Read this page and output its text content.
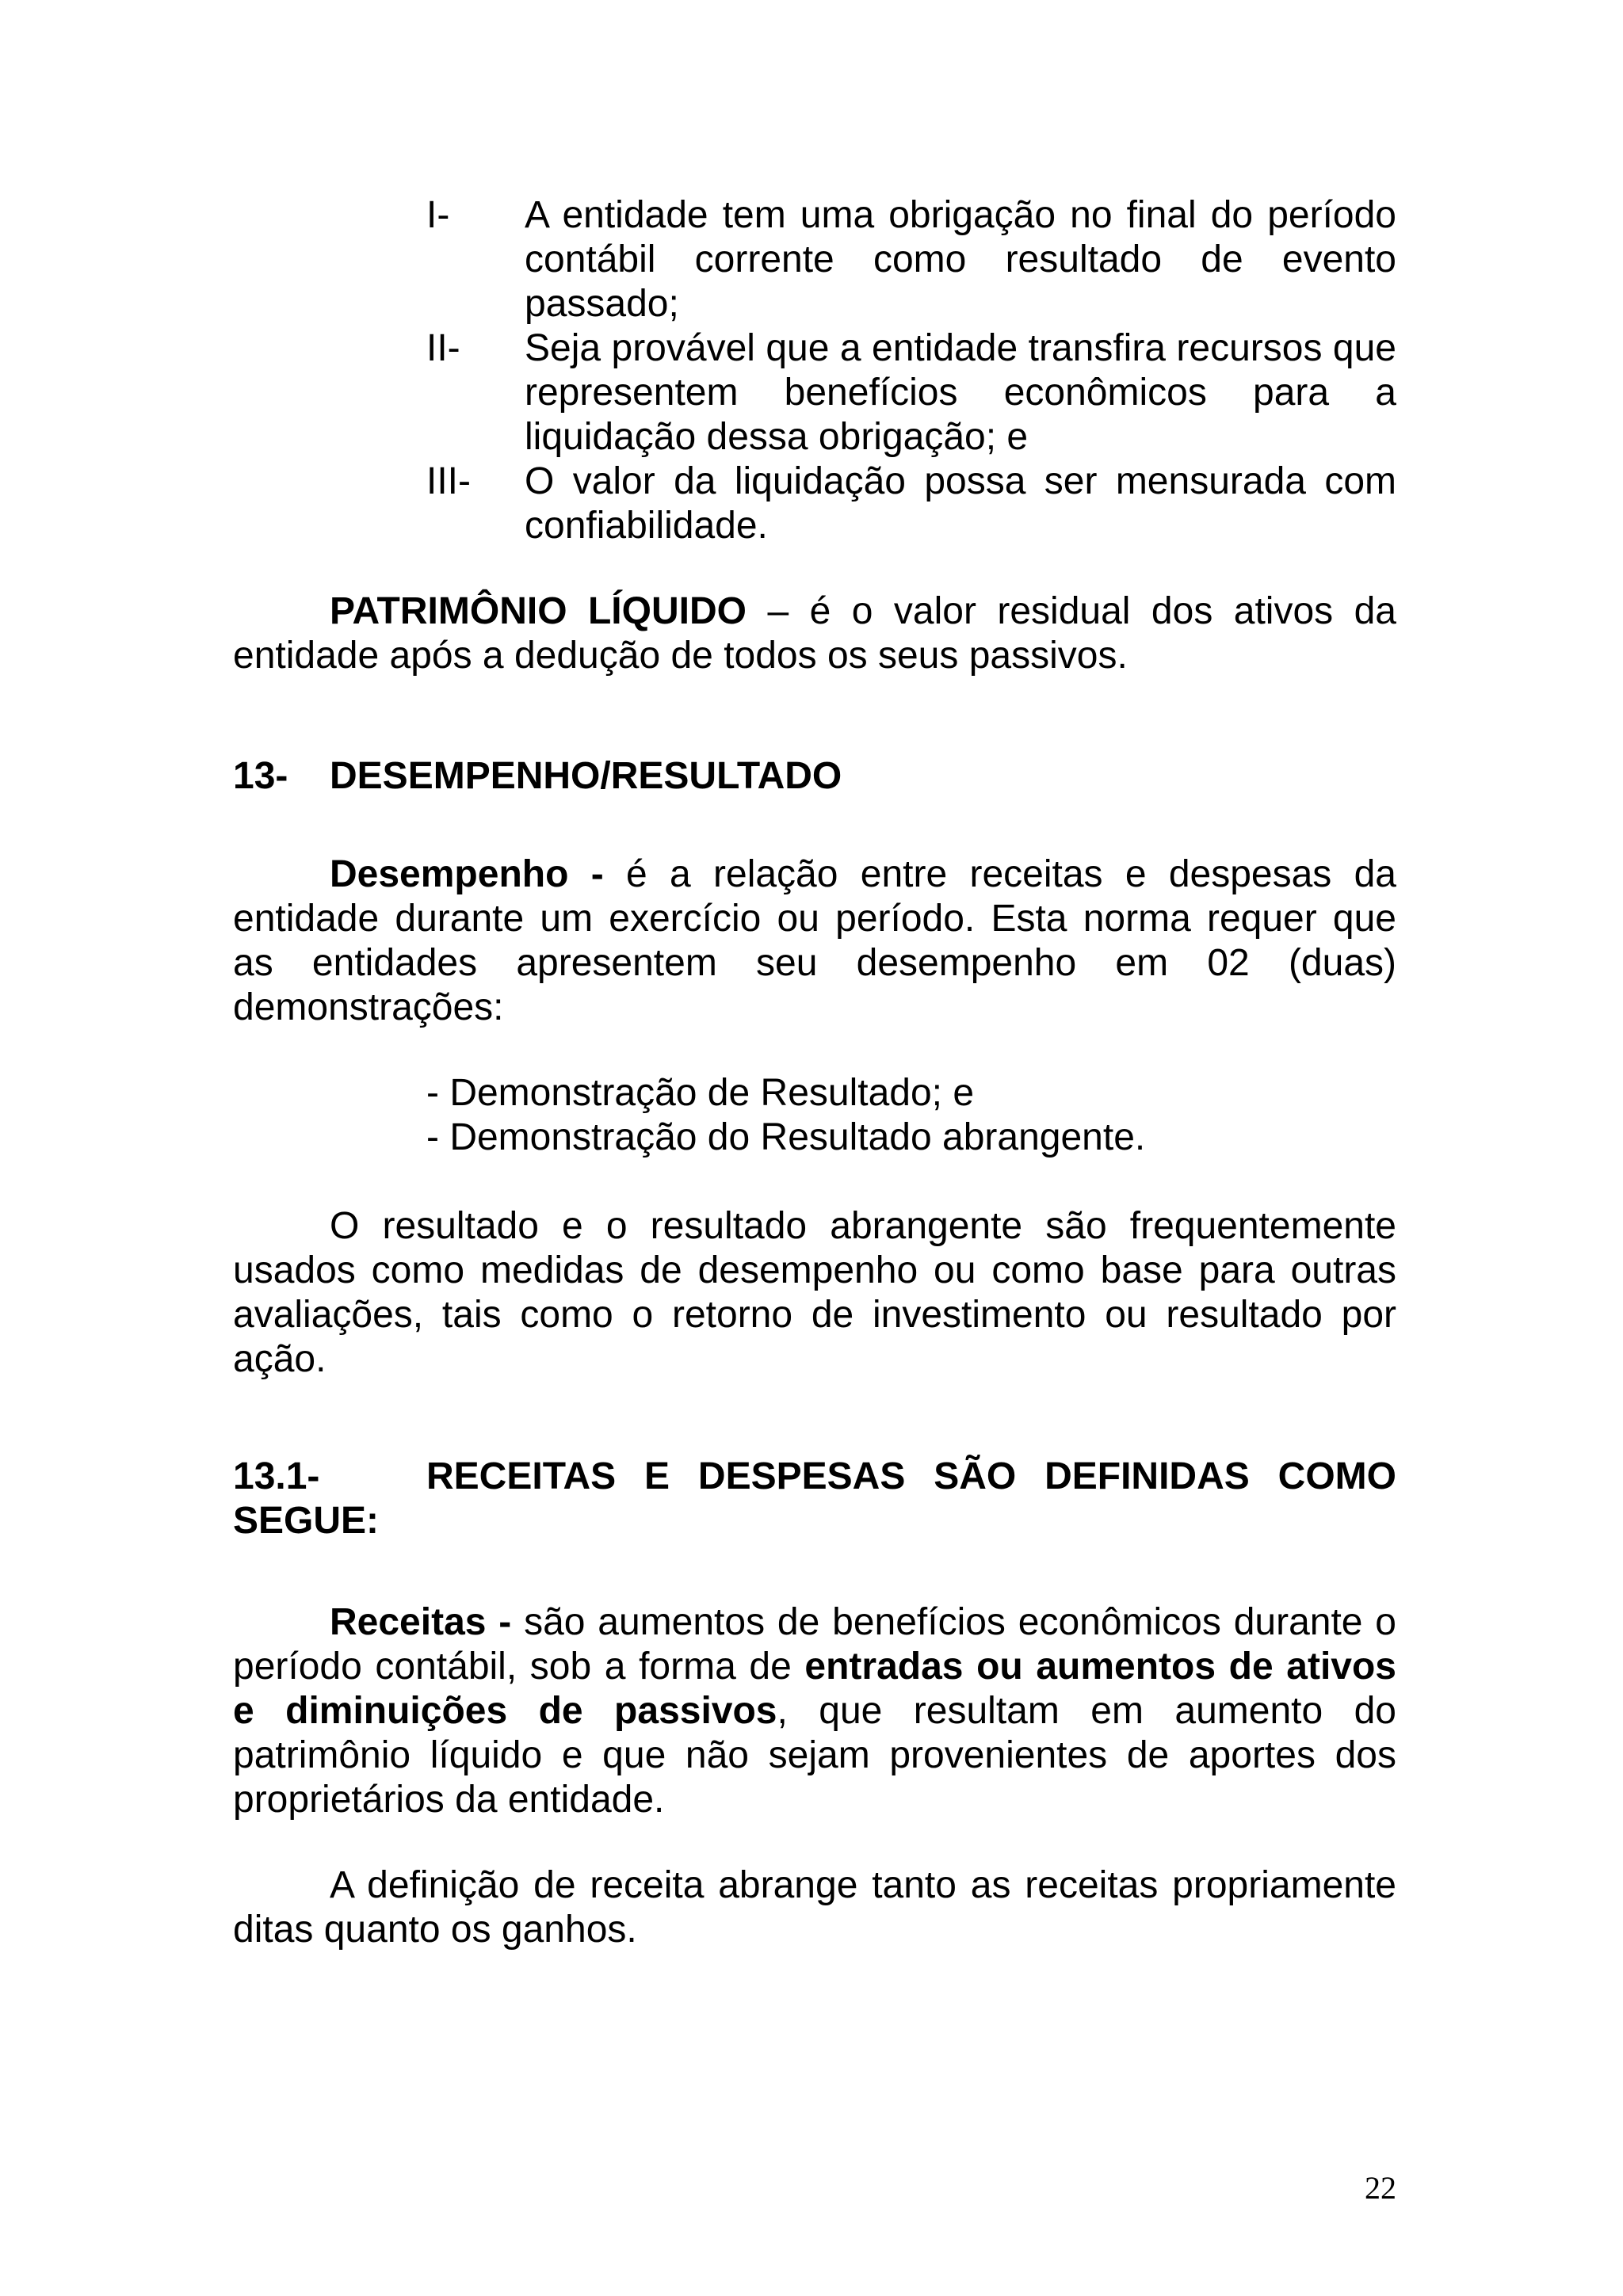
I-	A entidade tem uma obrigação no final do período contábil corrente como resultado de evento passado;
II-	Seja provável que a entidade transfira recursos que representem benefícios econômicos para a liquidação dessa obrigação; e
III-	O valor da liquidação possa ser mensurada com confiabilidade.

PATRIMÔNIO LÍQUIDO – é o valor residual dos ativos da entidade após a dedução de todos os seus passivos.

13- DESEMPENHO/RESULTADO

Desempenho - é a relação entre receitas e despesas da entidade durante um exercício ou período. Esta norma requer que as entidades apresentem seu desempenho em 02 (duas) demonstrações:

- Demonstração de Resultado; e
- Demonstração do Resultado abrangente.

O resultado e o resultado abrangente são frequentemente usados como medidas de desempenho ou como base para outras avaliações, tais como o retorno de investimento ou resultado por ação.

13.1-	RECEITAS E DESPESAS SÃO DEFINIDAS COMO
SEGUE:

Receitas - são aumentos de benefícios econômicos durante o período contábil, sob a forma de entradas ou aumentos de ativos e diminuições de passivos, que resultam em aumento do patrimônio líquido e que não sejam provenientes de aportes dos proprietários da entidade.

A definição de receita abrange tanto as receitas propriamente ditas quanto os ganhos.

22
